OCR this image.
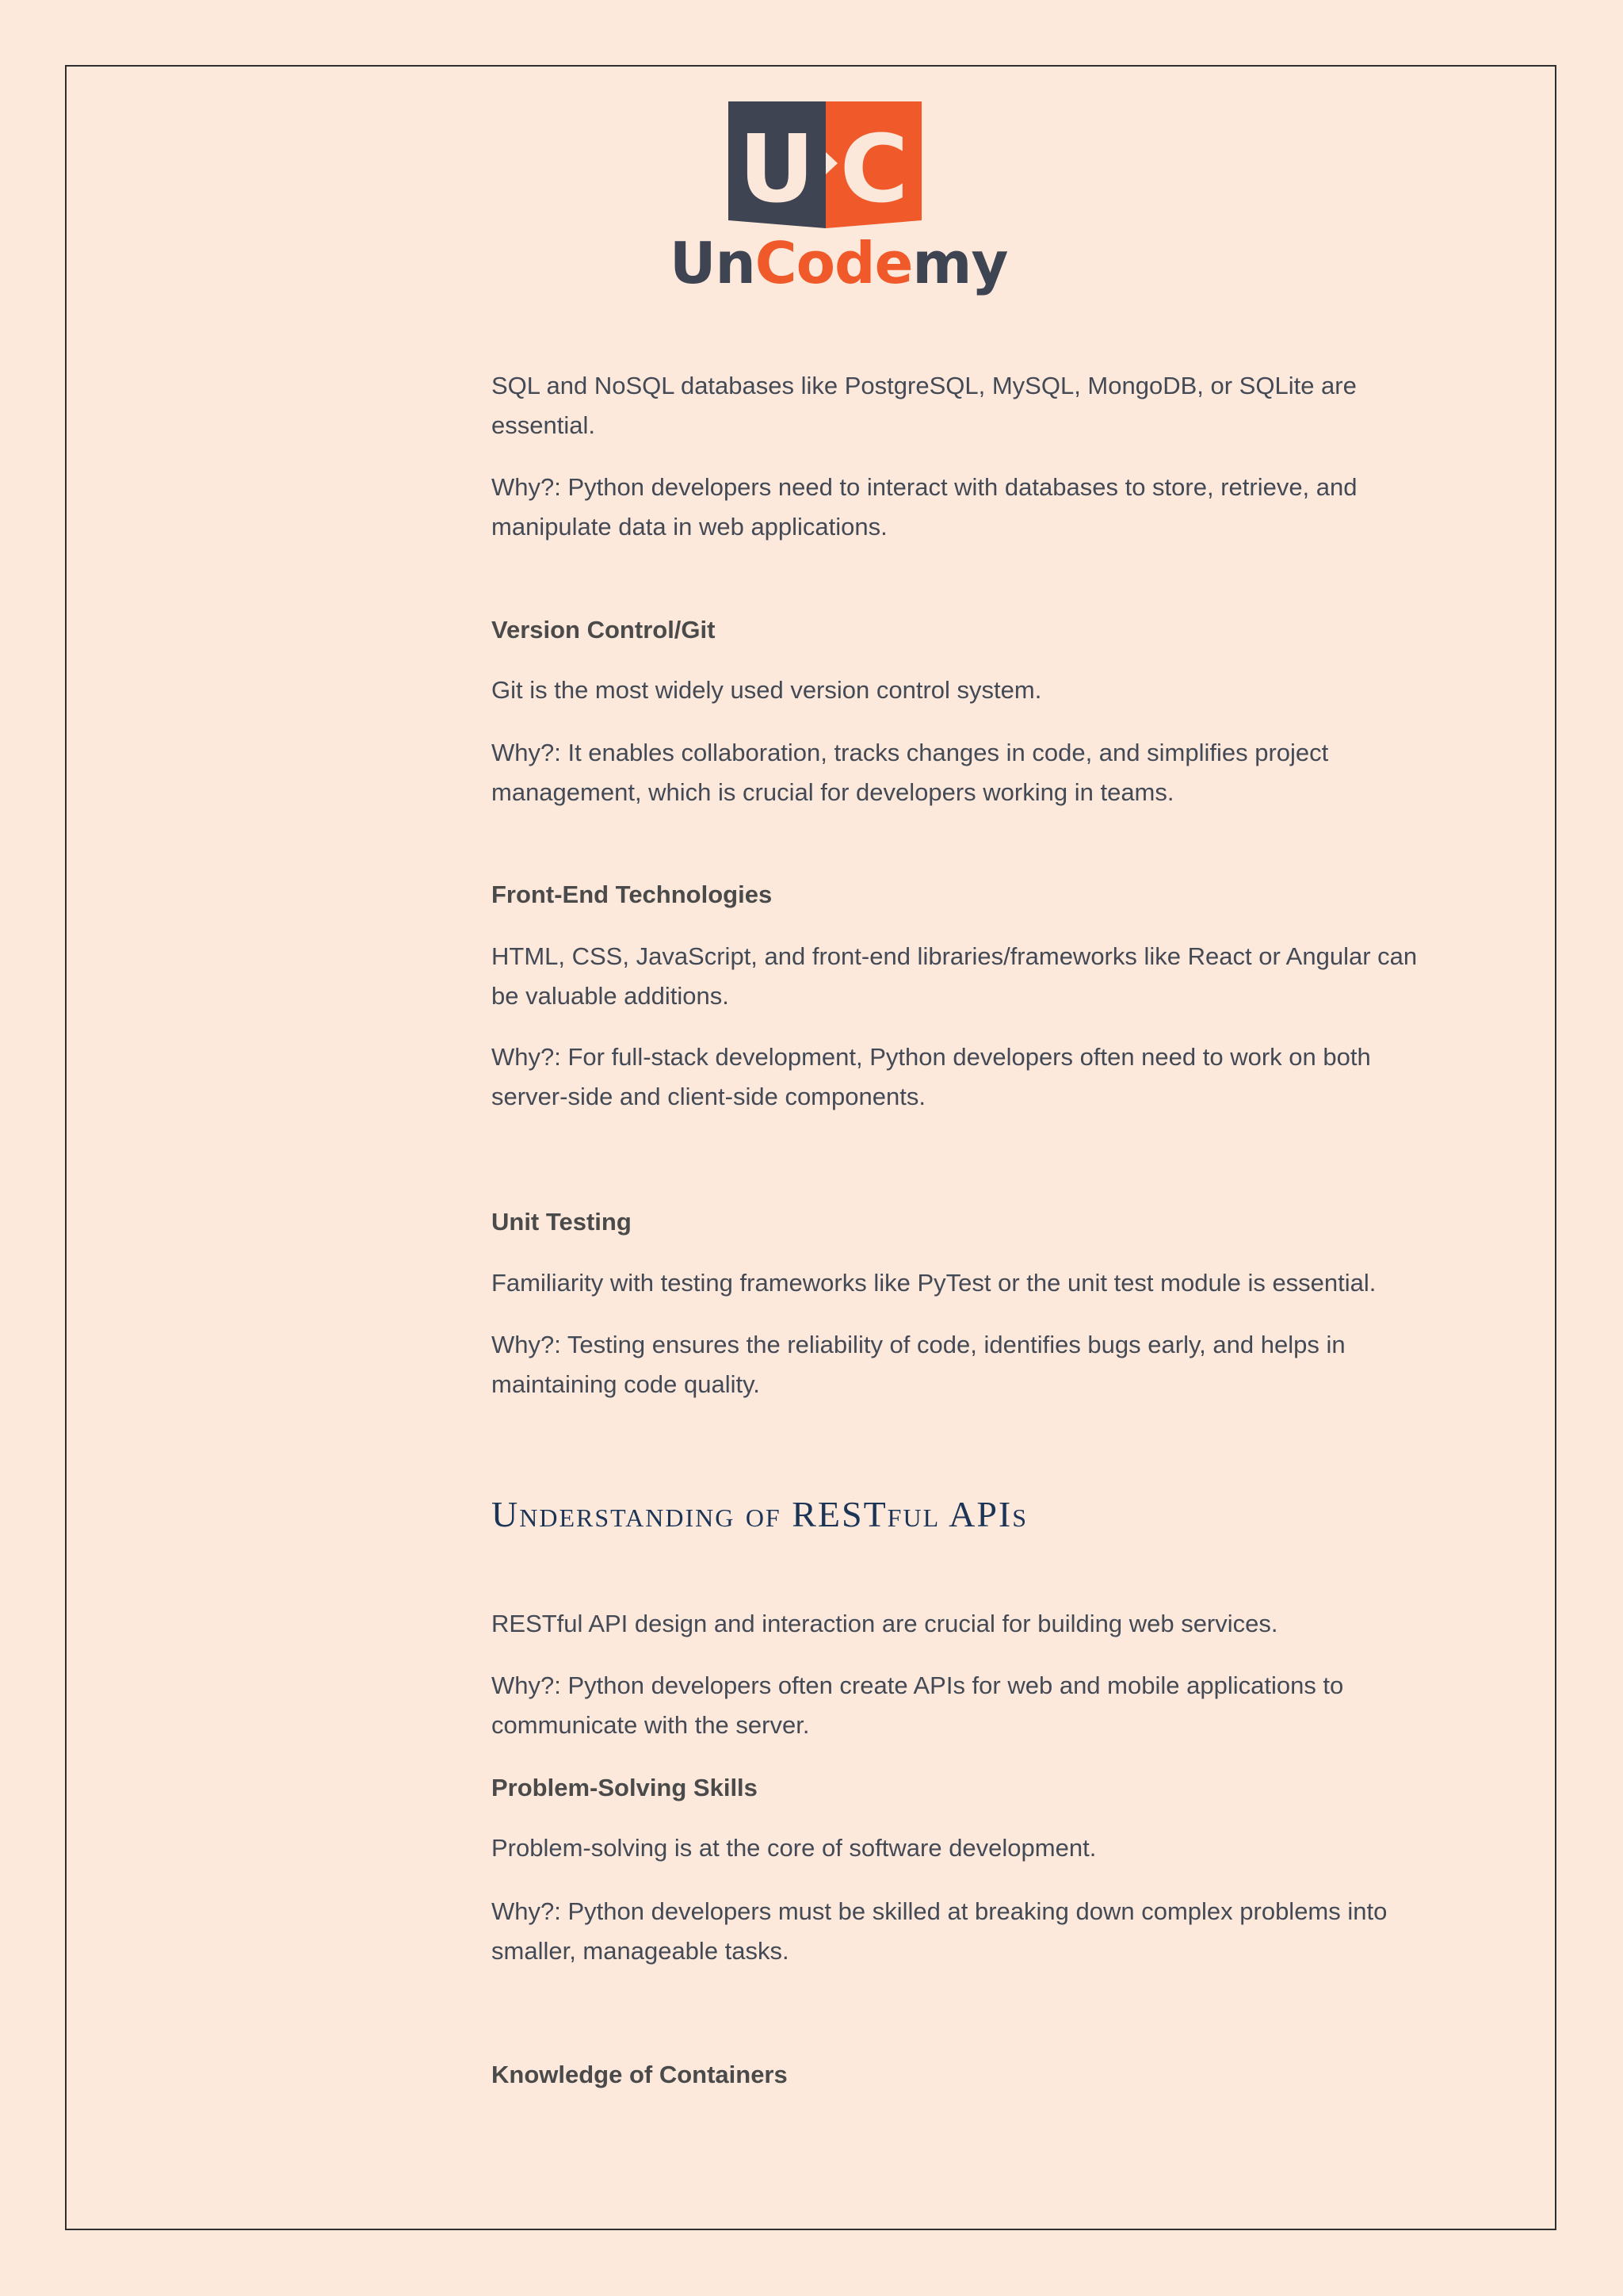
U C
UnCodemy

SQL and NoSQL databases like PostgreSQL, MySQL, MongoDB, or SQLite are essential.

Why?: Python developers need to interact with databases to store, retrieve, and manipulate data in web applications.

Version Control/Git

Git is the most widely used version control system.

Why?: It enables collaboration, tracks changes in code, and simplifies project management, which is crucial for developers working in teams.

Front-End Technologies

HTML, CSS, JavaScript, and front-end libraries/frameworks like React or Angular can be valuable additions.

Why?: For full-stack development, Python developers often need to work on both server-side and client-side components.

Unit Testing

Familiarity with testing frameworks like PyTest or the unit test module is essential.

Why?: Testing ensures the reliability of code, identifies bugs early, and helps in maintaining code quality.

Understanding of RESTful APIs

RESTful API design and interaction are crucial for building web services.

Why?: Python developers often create APIs for web and mobile applications to communicate with the server.

Problem-Solving Skills

Problem-solving is at the core of software development.

Why?: Python developers must be skilled at breaking down complex problems into smaller, manageable tasks.

Knowledge of Containers
